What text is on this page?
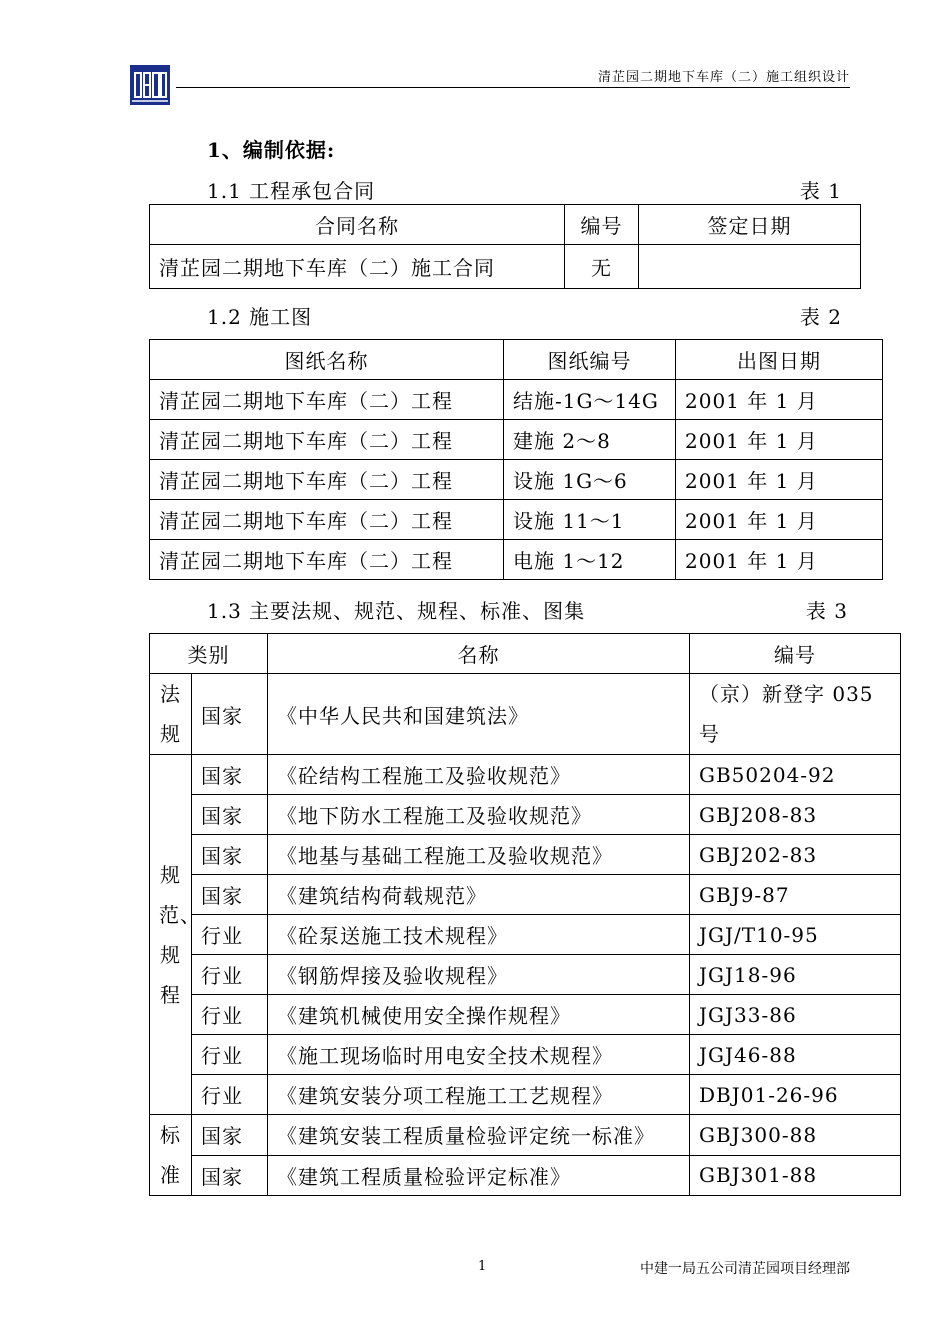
清芷园二期地下车库（二）施工组织设计
1、编制依据:
1.1 工程承包合同	表 1
合同名称	编号	签定日期
清芷园二期地下车库（二）施工合同	无	
1.2 施工图	表 2
图纸名称	图纸编号	出图日期
清芷园二期地下车库（二）工程	结施-1G～14G	2001 年 1 月
清芷园二期地下车库（二）工程	建施 2～8	2001 年 1 月
清芷园二期地下车库（二）工程	设施 1G～6	2001 年 1 月
清芷园二期地下车库（二）工程	设施 11～1	2001 年 1 月
清芷园二期地下车库（二）工程	电施 1～12	2001 年 1 月
1.3 主要法规、规范、规程、标准、图集	表 3
类别		名称	编号
法规	国家	《中华人民共和国建筑法》	（京）新登字 035 号
规范、规程	国家	《砼结构工程施工及验收规范》	GB50204-92
	国家	《地下防水工程施工及验收规范》	GBJ208-83
	国家	《地基与基础工程施工及验收规范》	GBJ202-83
	国家	《建筑结构荷载规范》	GBJ9-87
	行业	《砼泵送施工技术规程》	JGJ/T10-95
	行业	《钢筋焊接及验收规程》	JGJ18-96
	行业	《建筑机械使用安全操作规程》	JGJ33-86
	行业	《施工现场临时用电安全技术规程》	JGJ46-88
	行业	《建筑安装分项工程施工工艺规程》	DBJ01-26-96
标准	国家	《建筑安装工程质量检验评定统一标准》	GBJ300-88
	国家	《建筑工程质量检验评定标准》	GBJ301-88
1	中建一局五公司清芷园项目经理部
